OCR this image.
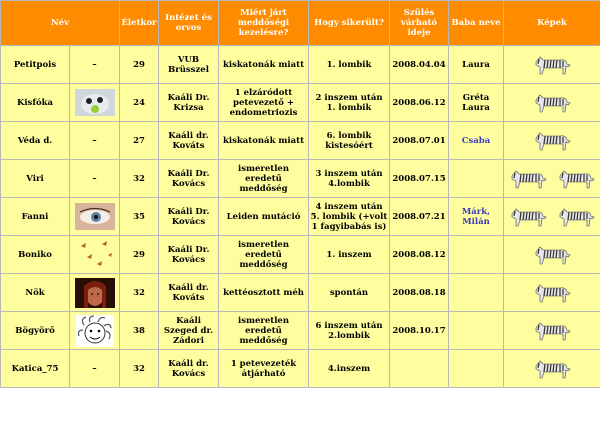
Név		Életkor	Intézet és orvos	Miért járt meddőségi kezelésre?	Hogy sikerült?	Szülés várható ideje	Baba neve	Képek
Petitpois	–	29	VUB Brüsszel	kiskatonák miatt	1. lombik	2008.04.04	Laura	

Kisfóka		24	Kaáli Dr. Krizsa	1 elzáródott petevezető + endometriozis	2 inszem után 1. lombik	2008.06.12	Gréta Laura	

Véda d.	–	27	Kaáli dr. Kováts	kiskatonák miatt	6. lombik kistesóért	2008.07.01	Csaba	

Viri	–	32	Kaáli Dr. Kovács	ismeretlen eredetű meddőség	3 inszem után 4.lombik	2008.07.15		

Fanni		35	Kaáli Dr. Kovács	Leiden mutáció	4 inszem után 5. lombik (+volt 1 fagyibabás is)	2008.07.21	Márk, Milán	

Boniko		29	Kaáli Dr. Kovács	ismeretlen eredetű meddőség	1. inszem	2008.08.12		

Nök		32	Kaáli dr. Kováts	kettéosztott méh	spontán	2008.08.18		

Bögyörő		38	Kaáli Szeged dr. Zádori	ismeretlen eredetű meddőség	6 inszem után 2.lombik	2008.10.17		

Katica_75	–	32	Kaáli dr. Kovács	1 petevezeték átjárható	4.inszem			
